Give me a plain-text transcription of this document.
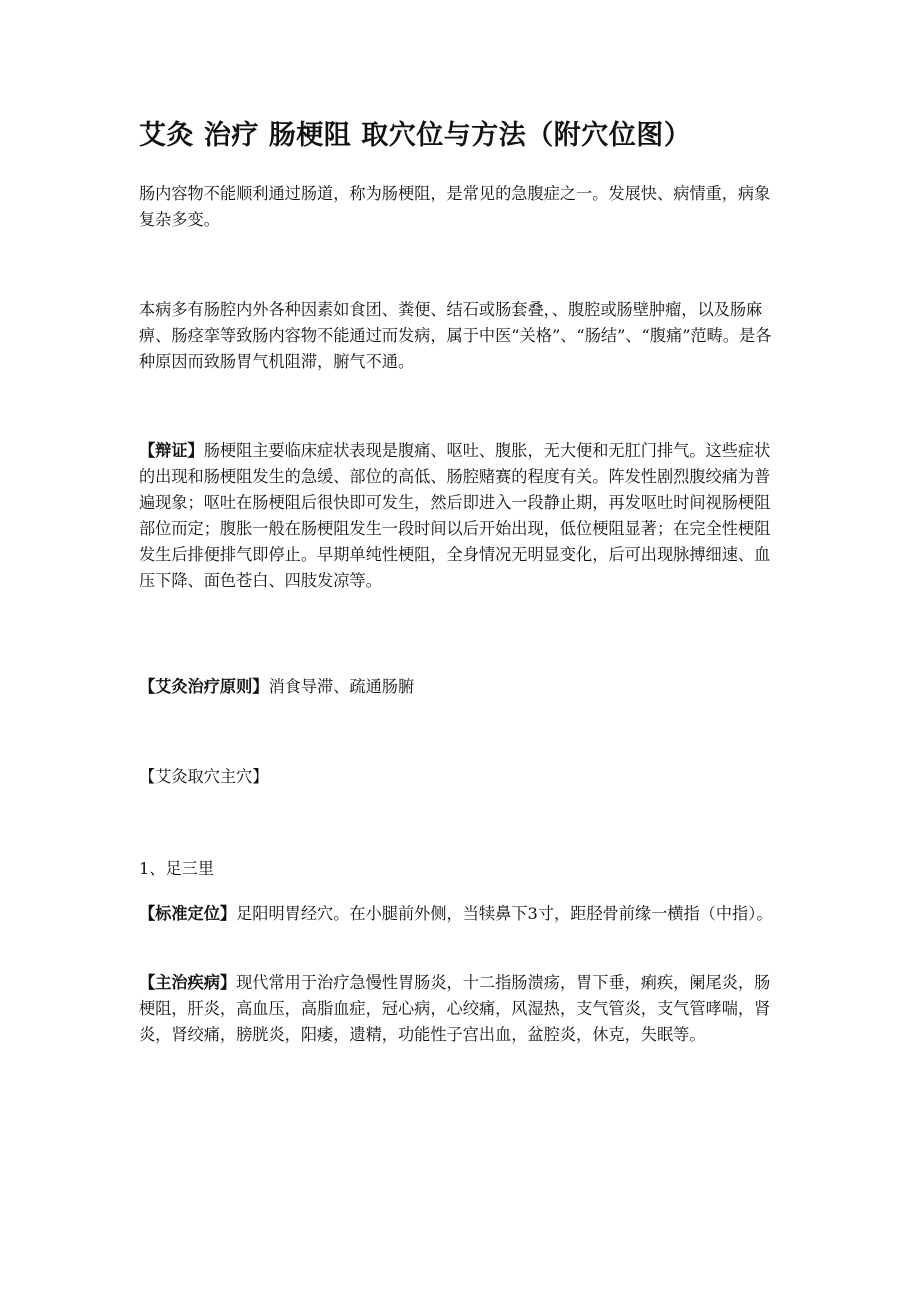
艾灸 治疗 肠梗阻 取穴位与方法（附穴位图）

肠内容物不能顺利通过肠道，称为肠梗阻，是常见的急腹症之一。发展快、病情重，病象复杂多变。

本病多有肠腔内外各种因素如食团、粪便、结石或肠套叠，、腹腔或肠壁肿瘤，以及肠麻痹、肠痉挛等致肠内容物不能通过而发病，属于中医“关格”、“肠结”、“腹痛”范畴。是各种原因而致肠胃气机阻滞，腑气不通。

【辩证】肠梗阻主要临床症状表现是腹痛、呕吐、腹胀，无大便和无肛门排气。这些症状的出现和肠梗阻发生的急缓、部位的高低、肠腔赌赛的程度有关。阵发性剧烈腹绞痛为普遍现象；呕吐在肠梗阻后很快即可发生，然后即进入一段静止期，再发呕吐时间视肠梗阻部位而定；腹胀一般在肠梗阻发生一段时间以后开始出现，低位梗阻显著；在完全性梗阻发生后排便排气即停止。早期单纯性梗阻，全身情况无明显变化，后可出现脉搏细速、血压下降、面色苍白、四肢发凉等。

【艾灸治疗原则】消食导滞、疏通肠腑

【艾灸取穴主穴】

1、足三里

【标准定位】足阳明胃经穴。在小腿前外侧，当犊鼻下3寸，距胫骨前缘一横指（中指）。

【主治疾病】现代常用于治疗急慢性胃肠炎，十二指肠溃疡，胃下垂，痢疾，阑尾炎，肠梗阻，肝炎，高血压，高脂血症，冠心病，心绞痛，风湿热，支气管炎，支气管哮喘，肾炎，肾绞痛，膀胱炎，阳痿，遗精，功能性子宫出血，盆腔炎，休克，失眠等。
